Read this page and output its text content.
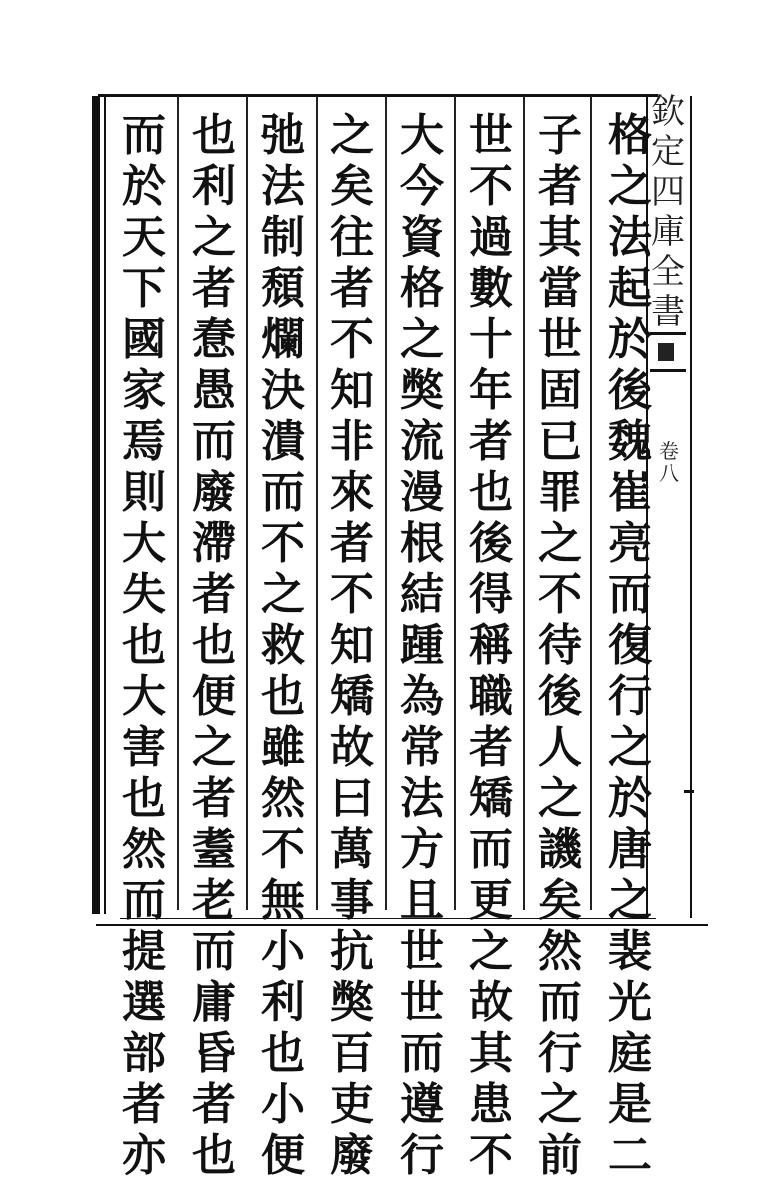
欽
定
四
庫
全
書
卷
八
格
之
法
起
於
後
魏
崔
亮
而
復
行
之
於
唐
之
裴
光
庭
是
二
子
者
其
當
世
固
已
罪
之
不
待
後
人
之
譏
矣
然
而
行
之
前
世
不
過
數
十
年
者
也
後
得
稱
職
者
矯
而
更
之
故
其
患
不
大
今
資
格
之
獘
流
漫
根
結
踵
為
常
法
方
且
世
世
而
遵
行
之
矣
往
者
不
知
非
來
者
不
知
矯
故
曰
萬
事
抗
獘
百
吏
廢
弛
法
制
頹
爛
決
潰
而
不
之
救
也
雖
然
不
無
小
利
也
小
便
也
利
之
者
惷
愚
而
廢
滯
者
也
便
之
者
耋
老
而
庸
昏
者
也
而
於
天
下
國
家
焉
則
大
失
也
大
害
也
然
而
提
選
部
者
亦
